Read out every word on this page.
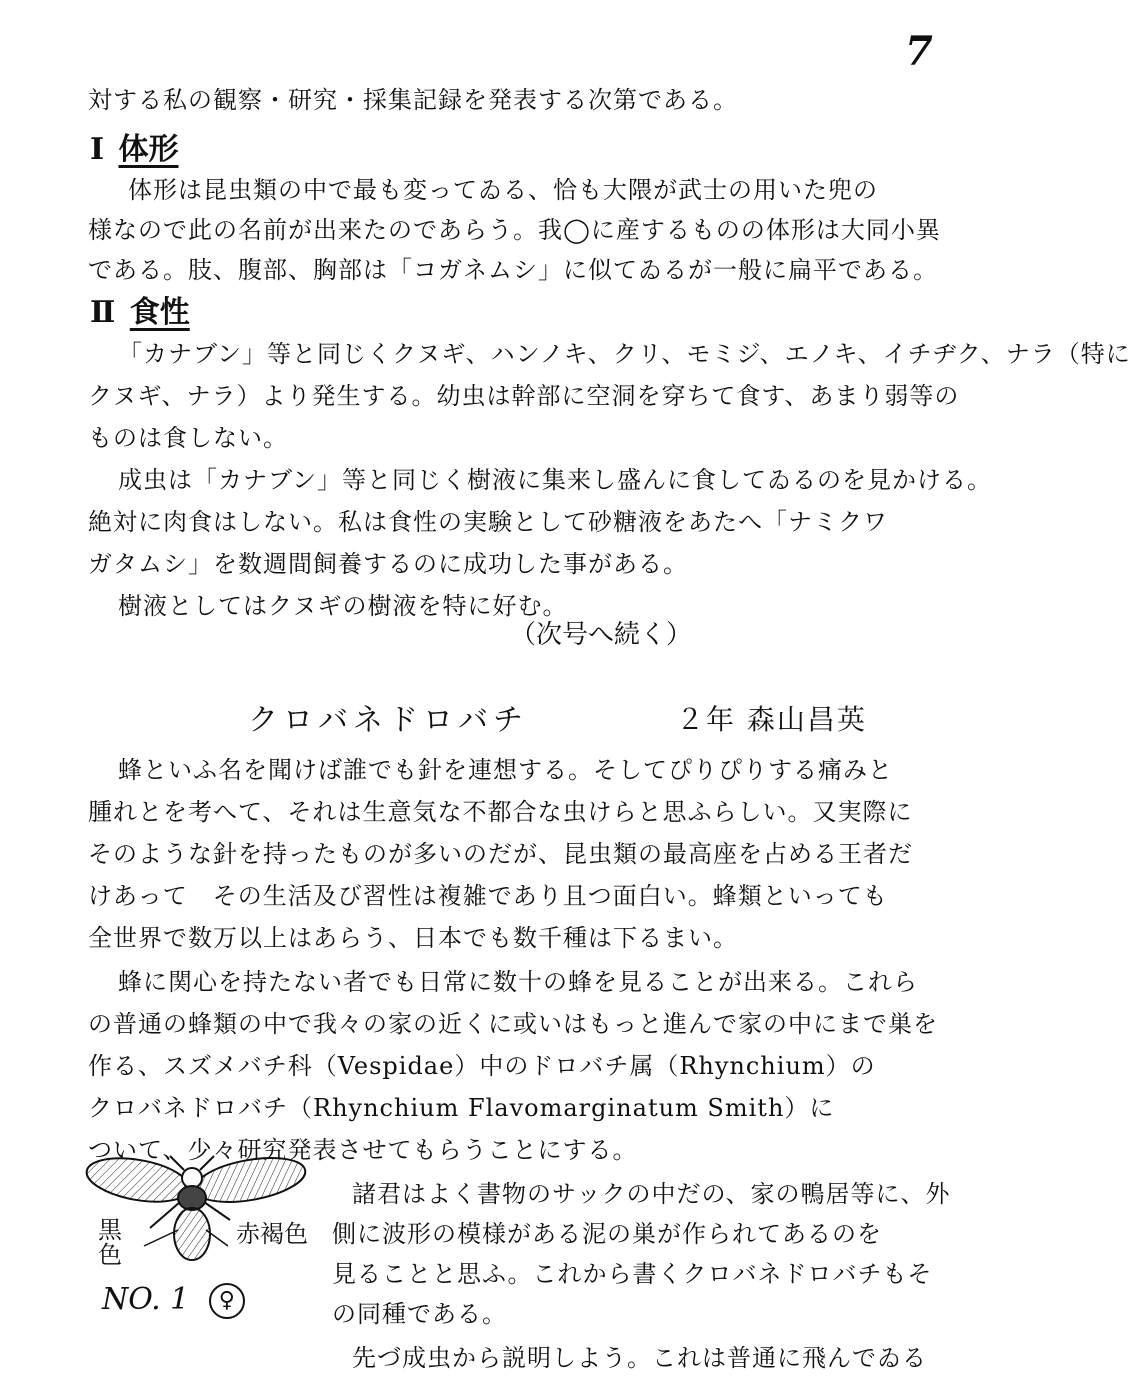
7
対する私の観察・研究・採集記録を発表する次第である。
Ⅰ 体形
体形は昆虫類の中で最も変ってゐる、恰も大隈が武士の用いた兜の
様なので此の名前が出来たのであらう。我◯に産するものの体形は大同小異
である。肢、腹部、胸部は「コガネムシ」に似てゐるが一般に扁平である。
Ⅱ 食性
「カナブン」等と同じくクヌギ、ハンノキ、クリ、モミジ、エノキ、イチヂク、ナラ（特に
クヌギ、ナラ）より発生する。幼虫は幹部に空洞を穿ちて食す、あまり弱等の
ものは食しない。
成虫は「カナブン」等と同じく樹液に集来し盛んに食してゐるのを見かける。
絶対に肉食はしない。私は食性の実験として砂糖液をあたへ「ナミクワ
ガタムシ」を数週間飼養するのに成功した事がある。
樹液としてはクヌギの樹液を特に好む。
（次号へ続く）
クロバネドロバチ	２年 森山昌英
蜂といふ名を聞けば誰でも針を連想する。そしてぴりぴりする痛みと
腫れとを考へて、それは生意気な不都合な虫けらと思ふらしい。又実際に
そのような針を持ったものが多いのだが、昆虫類の最高座を占める王者だ
けあって　その生活及び習性は複雑であり且つ面白い。蜂類といっても
全世界で数万以上はあらう、日本でも数千種は下るまい。
蜂に関心を持たない者でも日常に数十の蜂を見ることが出来る。これら
の普通の蜂類の中で我々の家の近くに或いはもっと進んで家の中にまで巣を
作る、スズメバチ科（Vespidae）中のドロバチ属（Rhynchium）の
クロバネドロバチ（Rhynchium Flavomarginatum Smith）に
ついて、少々研究発表させてもらうことにする。
黒色
赤褐色
NO. 1 ♀
諸君はよく書物のサックの中だの、家の鴨居等に、外
側に波形の模様がある泥の巣が作られてあるのを
見ることと思ふ。これから書くクロバネドロバチもそ
の同種である。
先づ成虫から説明しよう。これは普通に飛んでゐる
